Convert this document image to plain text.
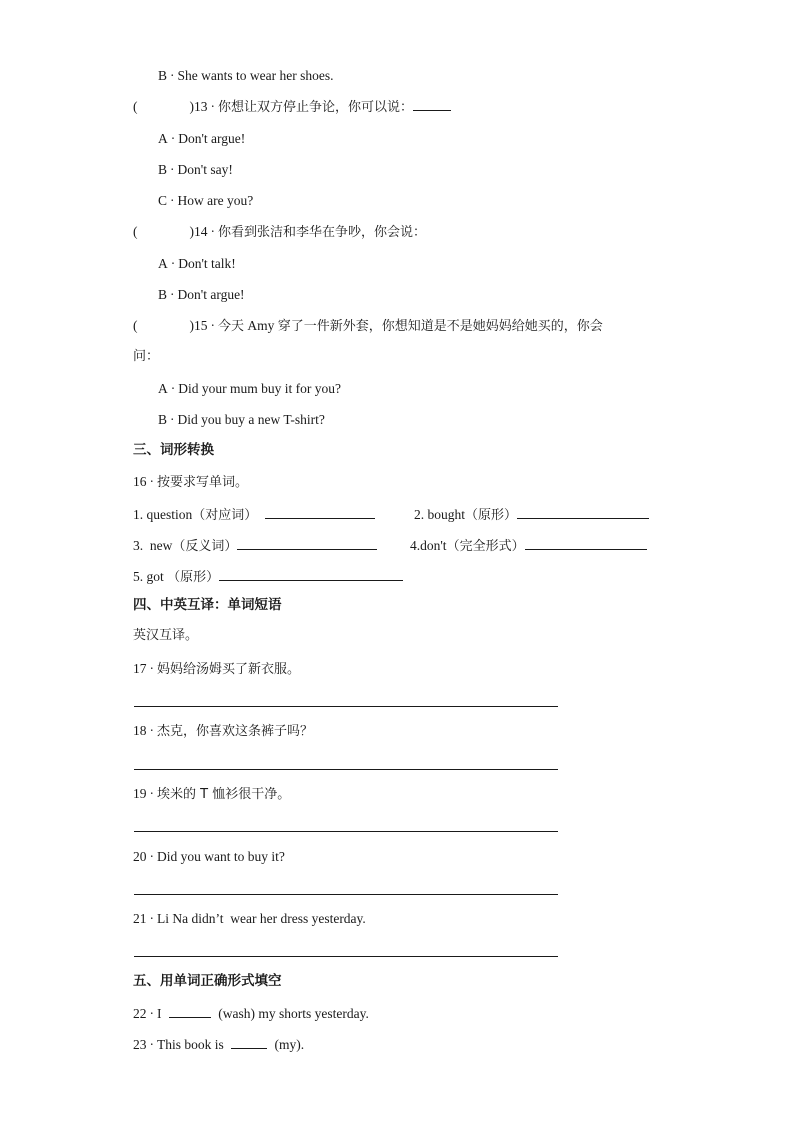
B · She wants to wear her shoes.
(	)13 · 你想让双方停止争论，你可以说：
A · Don't argue!
B · Don't say!
C · How are you?
(	)14 · 你看到张洁和李华在争吵，你会说：
A · Don't talk!
B · Don't argue!
(	)15 · 今天 Amy 穿了一件新外套，你想知道是不是她妈妈给她买的，你会
问：
A · Did your mum buy it for you?
B · Did you buy a new T-shirt?
三、词形转换
16 · 按要求写单词。
1. question（对应词）	2. bought（原形）
3.  new（反义词）	4.don't（完全形式）
5. got （原形）
四、中英互译：单词短语
英汉互译。
17 · 妈妈给汤姆买了新衣服。
18 · 杰克，你喜欢这条裤子吗？
19 · 埃米的 T 恤衫很干净。
20 · Did you want to buy it?
21 · Li Na didn’t  wear her dress yesterday.
五、用单词正确形式填空
22 · I	(wash) my shorts yesterday.
23 · This book is	(my).
